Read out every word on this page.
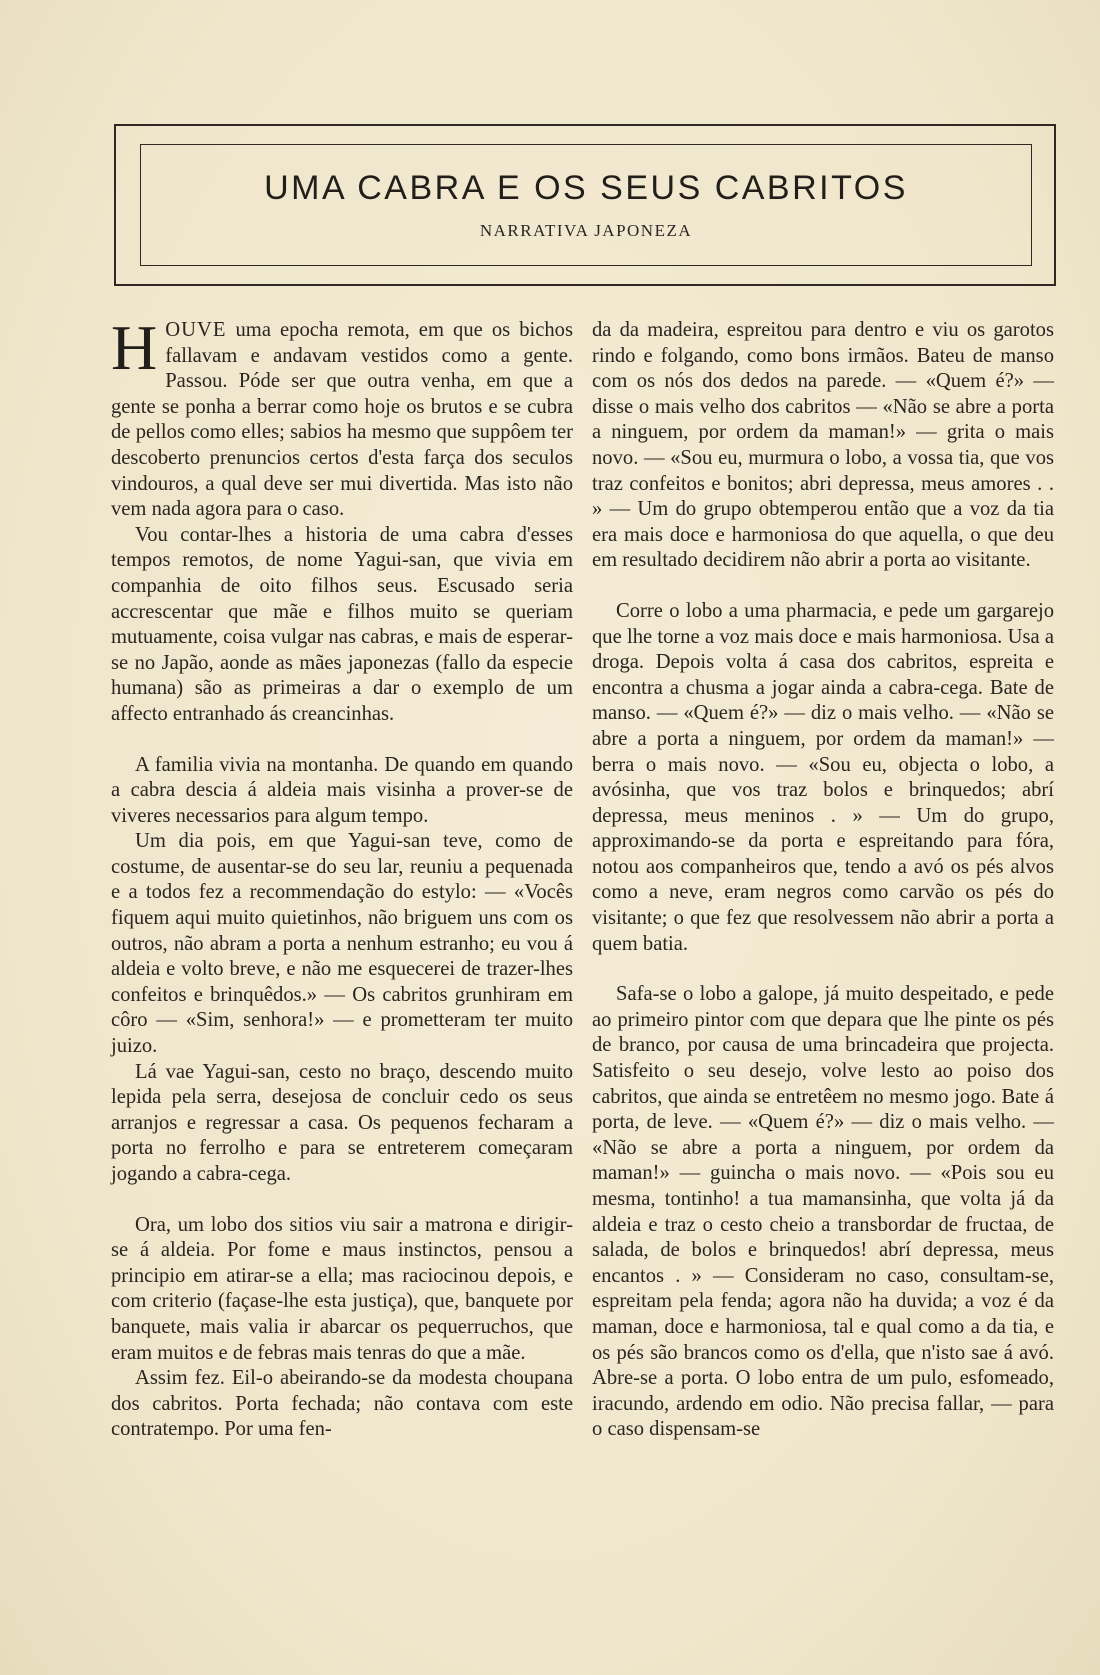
UMA CABRA E OS SEUS CABRITOS
NARRATIVA JAPONEZA

HOUVE uma epocha remota, em que os bichos fallavam e andavam vestidos como a gente. Passou. Póde ser que outra venha, em que a gente se ponha a berrar como hoje os brutos e se cubra de pellos como elles; sabios ha mesmo que suppôem ter descoberto prenuncios certos d'esta farça dos seculos vindouros, a qual deve ser mui divertida. Mas isto não vem nada agora para o caso.

Vou contar-lhes a historia de uma cabra d'esses tempos remotos, de nome Yagui-san, que vivia em companhia de oito filhos seus. Escusado seria accrescentar que mãe e filhos muito se queriam mutuamente, coisa vulgar nas cabras, e mais de esperar-se no Japão, aonde as mães japonezas (fallo da especie humana) são as primeiras a dar o exemplo de um affecto entranhado ás creancinhas.

A familia vivia na montanha. De quando em quando a cabra descia á aldeia mais visinha a prover-se de viveres necessarios para algum tempo.

Um dia pois, em que Yagui-san teve, como de costume, de ausentar-se do seu lar, reuniu a pequenada e a todos fez a recommendação do estylo: — «Vocês fiquem aqui muito quietinhos, não briguem uns com os outros, não abram a porta a nenhum estranho; eu vou á aldeia e volto breve, e não me esquecerei de trazer-lhes confeitos e brinquêdos.» — Os cabritos grunhiram em côro — «Sim, senhora!» — e prometteram ter muito juizo.

Lá vae Yagui-san, cesto no braço, descendo muito lepida pela serra, desejosa de concluir cedo os seus arranjos e regressar a casa. Os pequenos fecharam a porta no ferrolho e para se entreterem começaram jogando a cabra-cega.

Ora, um lobo dos sitios viu sair a matrona e dirigir-se á aldeia. Por fome e maus instinctos, pensou a principio em atirar-se a ella; mas raciocinou depois, e com criterio (façase-lhe esta justiça), que, banquete por banquete, mais valia ir abarcar os pequerruchos, que eram muitos e de febras mais tenras do que a mãe.

Assim fez. Eil-o abeirando-se da modesta choupana dos cabritos. Porta fechada; não contava com este contratempo. Por uma fen-

da da madeira, espreitou para dentro e viu os garotos rindo e folgando, como bons irmãos. Bateu de manso com os nós dos dedos na parede. — «Quem é?» — disse o mais velho dos cabritos — «Não se abre a porta a ninguem, por ordem da maman!» — grita o mais novo. — «Sou eu, murmura o lobo, a vossa tia, que vos traz confeitos e bonitos; abri depressa, meus amores . . » — Um do grupo obtemperou então que a voz da tia era mais doce e harmoniosa do que aquella, o que deu em resultado decidirem não abrir a porta ao visitante.

Corre o lobo a uma pharmacia, e pede um gargarejo que lhe torne a voz mais doce e mais harmoniosa. Usa a droga. Depois volta á casa dos cabritos, espreita e encontra a chusma a jogar ainda a cabra-cega. Bate de manso. — «Quem é?» — diz o mais velho. — «Não se abre a porta a ninguem, por ordem da maman!» — berra o mais novo. — «Sou eu, objecta o lobo, a avósinha, que vos traz bolos e brinquedos; abrí depressa, meus meninos . » — Um do grupo, approximando-se da porta e espreitando para fóra, notou aos companheiros que, tendo a avó os pés alvos como a neve, eram negros como carvão os pés do visitante; o que fez que resolvessem não abrir a porta a quem batia.

Safa-se o lobo a galope, já muito despeitado, e pede ao primeiro pintor com que depara que lhe pinte os pés de branco, por causa de uma brincadeira que projecta. Satisfeito o seu desejo, volve lesto ao poiso dos cabritos, que ainda se entretêem no mesmo jogo. Bate á porta, de leve. — «Quem é?» — diz o mais velho. — «Não se abre a porta a ninguem, por ordem da maman!» — guincha o mais novo. — «Pois sou eu mesma, tontinho! a tua mamansinha, que volta já da aldeia e traz o cesto cheio a transbordar de fructaa, de salada, de bolos e brinquedos! abrí depressa, meus encantos . » — Consideram no caso, consultam-se, espreitam pela fenda; agora não ha duvida; a voz é da maman, doce e harmoniosa, tal e qual como a da tia, e os pés são brancos como os d'ella, que n'isto sae á avó. Abre-se a porta. O lobo entra de um pulo, esfomeado, iracundo, ardendo em odio. Não precisa fallar, — para o caso dispensam-se
